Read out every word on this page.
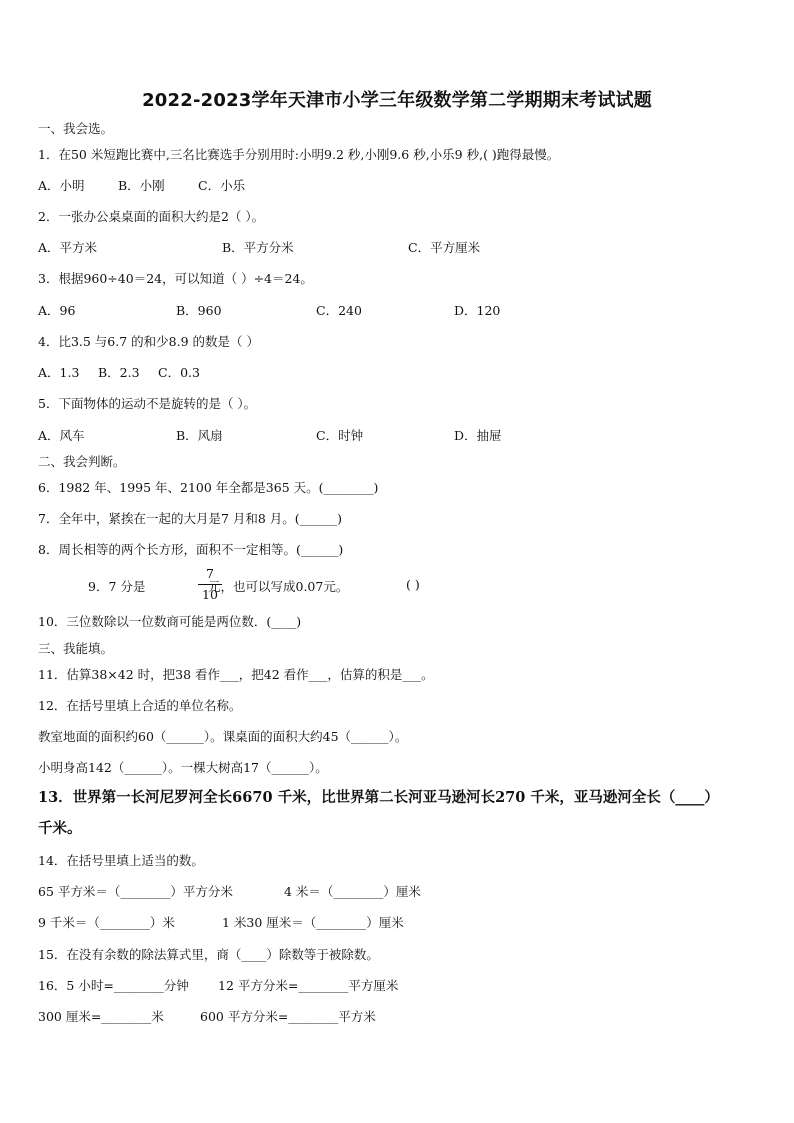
2022-2023学年天津市小学三年级数学第二学期期末考试试题
一、我会选。
1．在50 米短跑比赛中,三名比赛选手分别用时:小明9.2 秒,小刚9.6 秒,小乐9 秒,( )跑得最慢。
A．小明	B．小刚	C．小乐
2．一张办公桌桌面的面积大约是2（ ）。
A．平方米	B．平方分米	C．平方厘米
3．根据960÷40＝24，可以知道（ ）÷4＝24。
A．96	B．960	C．240	D．120
4．比3.5 与6.7 的和少8.9 的数是（ ）
A．1.3 B．2.3 C．0.3
5．下面物体的运动不是旋转的是（ ）。
A．风车	B．风扇	C．时钟	D．抽屉
二、我会判断。
6．1982 年、1995 年、2100 年全都是365 天。(________)
7．全年中，紧挨在一起的大月是7 月和8 月。(______)
8．周长相等的两个长方形，面积不一定相等。(______)
9．7 分是
7
10
元，也可以写成0.07元。	( )
10．三位数除以一位数商可能是两位数．(____)
三、我能填。
11．估算38×42 时，把38 看作___，把42 看作___，估算的积是___。
12．在括号里填上合适的单位名称。
教室地面的面积约60（______）。课桌面的面积大约45（______）。
小明身高142（______）。一棵大树高17（______）。
13．世界第一长河尼罗河全长6670 千米，比世界第二长河亚马逊河长270 千米，亚马逊河全长（____）
千米。
14．在括号里填上适当的数。
65 平方米＝（________）平方分米	4 米＝（________）厘米
9 千米＝（________）米	1 米30 厘米＝（________）厘米
15．在没有余数的除法算式里，商（____）除数等于被除数。
16．5 小时=________分钟 12 平方分米=________平方厘米
300 厘米=________米	600 平方分米=________平方米
